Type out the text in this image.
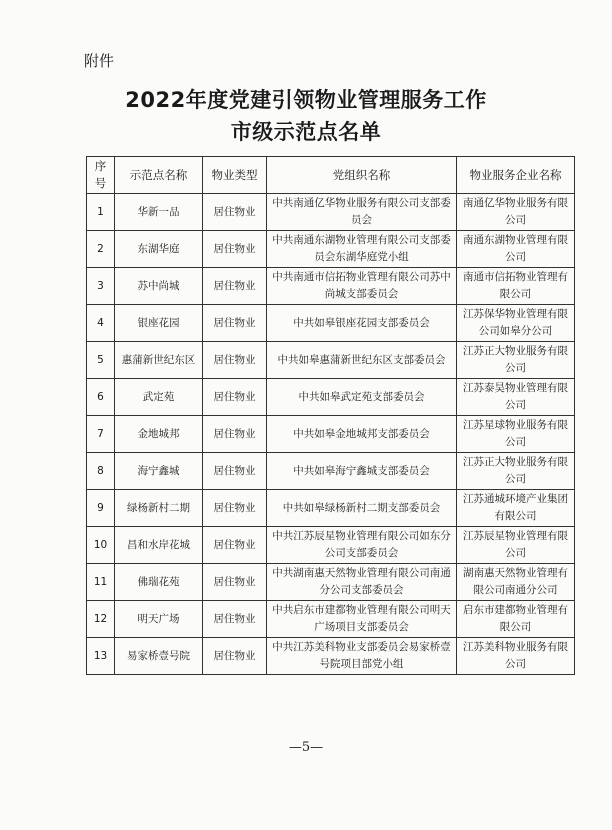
附件
2022年度党建引领物业管理服务工作
市级示范点名单
序号	示范点名称	物业类型	党组织名称	物业服务企业名称
1	华新一品	居住物业	中共南通亿华物业服务有限公司支部委员会	南通亿华物业服务有限公司
2	东湖华庭	居住物业	中共南通东湖物业管理有限公司支部委员会东湖华庭党小组	南通东湖物业管理有限公司
3	苏中尚城	居住物业	中共南通市信拓物业管理有限公司苏中尚城支部委员会	南通市信拓物业管理有限公司
4	银座花园	居住物业	中共如皋银座花园支部委员会	江苏保华物业管理有限公司如皋分公司
5	惠蒲新世纪东区	居住物业	中共如皋惠蒲新世纪东区支部委员会	江苏正大物业服务有限公司
6	武定苑	居住物业	中共如皋武定苑支部委员会	江苏泰昊物业管理有限公司
7	金地城邦	居住物业	中共如皋金地城邦支部委员会	江苏星球物业服务有限公司
8	海宁鑫城	居住物业	中共如皋海宁鑫城支部委员会	江苏正大物业服务有限公司
9	绿杨新村二期	居住物业	中共如皋绿杨新村二期支部委员会	江苏通城环境产业集团有限公司
10	昌和水岸花城	居住物业	中共江苏辰星物业管理有限公司如东分公司支部委员会	江苏辰星物业管理有限公司
11	佛瑞花苑	居住物业	中共湖南惠天然物业管理有限公司南通分公司支部委员会	湖南惠天然物业管理有限公司南通分公司
12	明天广场	居住物业	中共启东市建都物业管理有限公司明天广场项目支部委员会	启东市建都物业管理有限公司
13	易家桥壹号院	居住物业	中共江苏美科物业支部委员会易家桥壹号院项目部党小组	江苏美科物业服务有限公司
—5—
